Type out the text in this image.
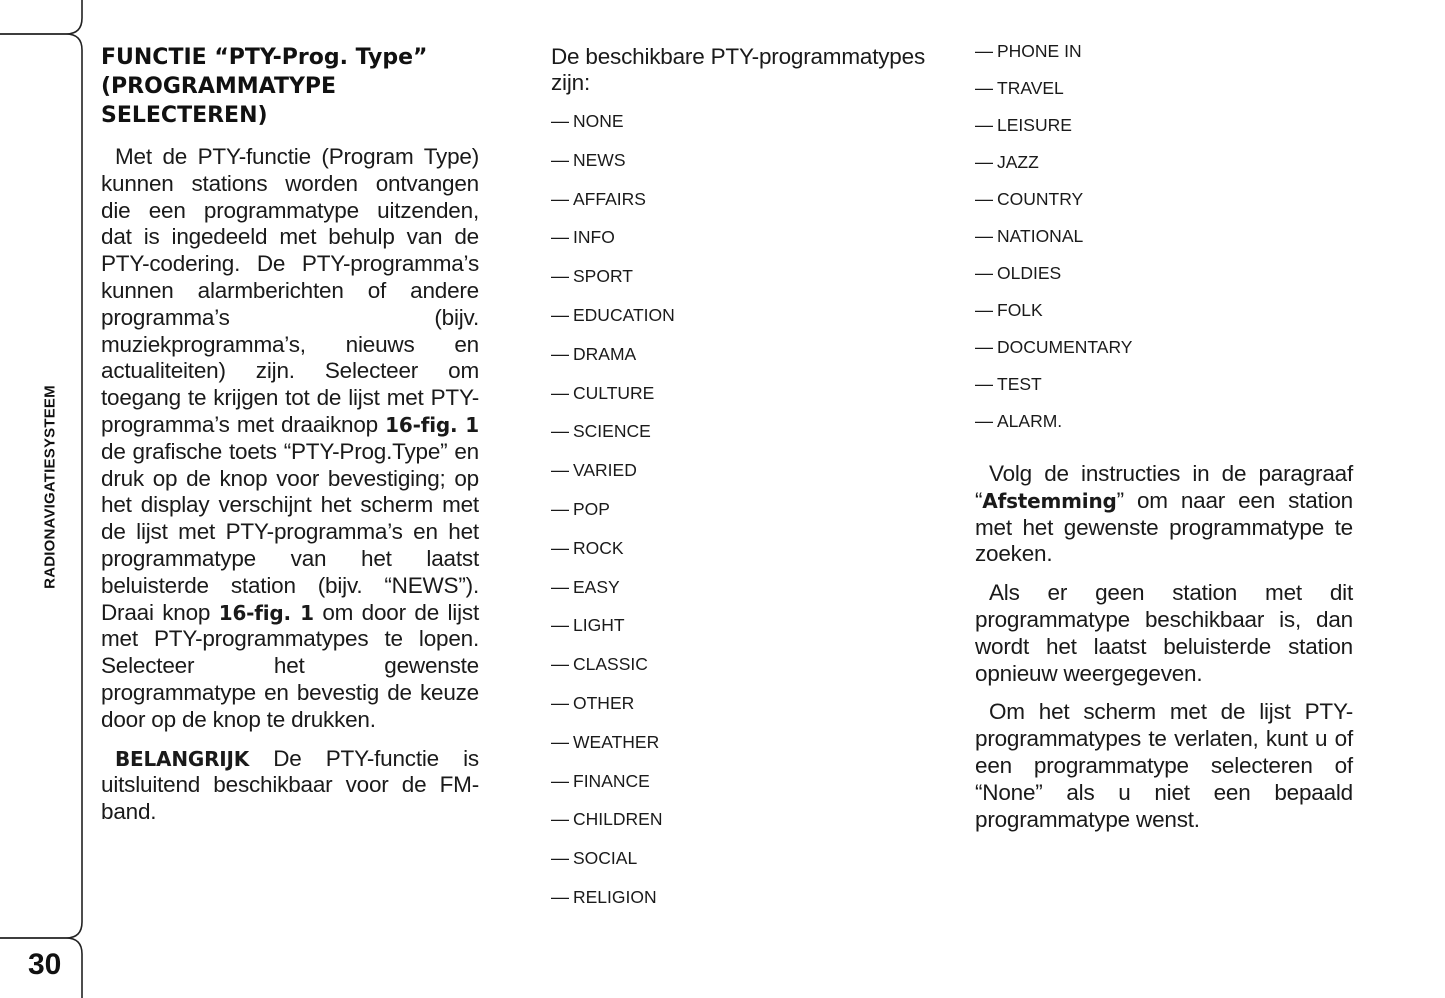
RADIONAVIGATIESYSTEEM
30
FUNCTIE “PTY-Prog. Type”
(PROGRAMMATYPE
SELECTEREN)

Met de PTY-functie (Program Type) kunnen stations worden ontvangen die een programmatype uitzenden, dat is ingedeeld met behulp van de PTY-codering. De PTY-programma’s kunnen alarmberichten of andere programma’s (bijv. muziekprogramma’s, nieuws en actualiteiten) zijn. Selecteer om toegang te krijgen tot de lijst met PTY-programma’s met draaiknop 16-fig. 1 de grafische toets “PTY-Prog.Type” en druk op de knop voor bevestiging; op het display verschijnt het scherm met de lijst met PTY-programma’s en het programmatype van het laatst beluisterde station (bijv. “NEWS”). Draai knop 16-fig. 1 om door de lijst met PTY-programmatypes te lopen. Selecteer het gewenste programmatype en bevestig de keuze door op de knop te drukken.

BELANGRIJK De PTY-functie is uitsluitend beschikbaar voor de FM-band.

De beschikbare PTY-programmatypes zijn:
— NONE
— NEWS
— AFFAIRS
— INFO
— SPORT
— EDUCATION
— DRAMA
— CULTURE
— SCIENCE
— VARIED
— POP
— ROCK
— EASY
— LIGHT
— CLASSIC
— OTHER
— WEATHER
— FINANCE
— CHILDREN
— SOCIAL
— RELIGION
— PHONE IN
— TRAVEL
— LEISURE
— JAZZ
— COUNTRY
— NATIONAL
— OLDIES
— FOLK
— DOCUMENTARY
— TEST
— ALARM.

Volg de instructies in de paragraaf “Afstemming” om naar een station met het gewenste programmatype te zoeken.

Als er geen station met dit programmatype beschikbaar is, dan wordt het laatst beluisterde station opnieuw weergegeven.

Om het scherm met de lijst PTY-programmatypes te verlaten, kunt u of een programmatype selecteren of “None” als u niet een bepaald programmatype wenst.
